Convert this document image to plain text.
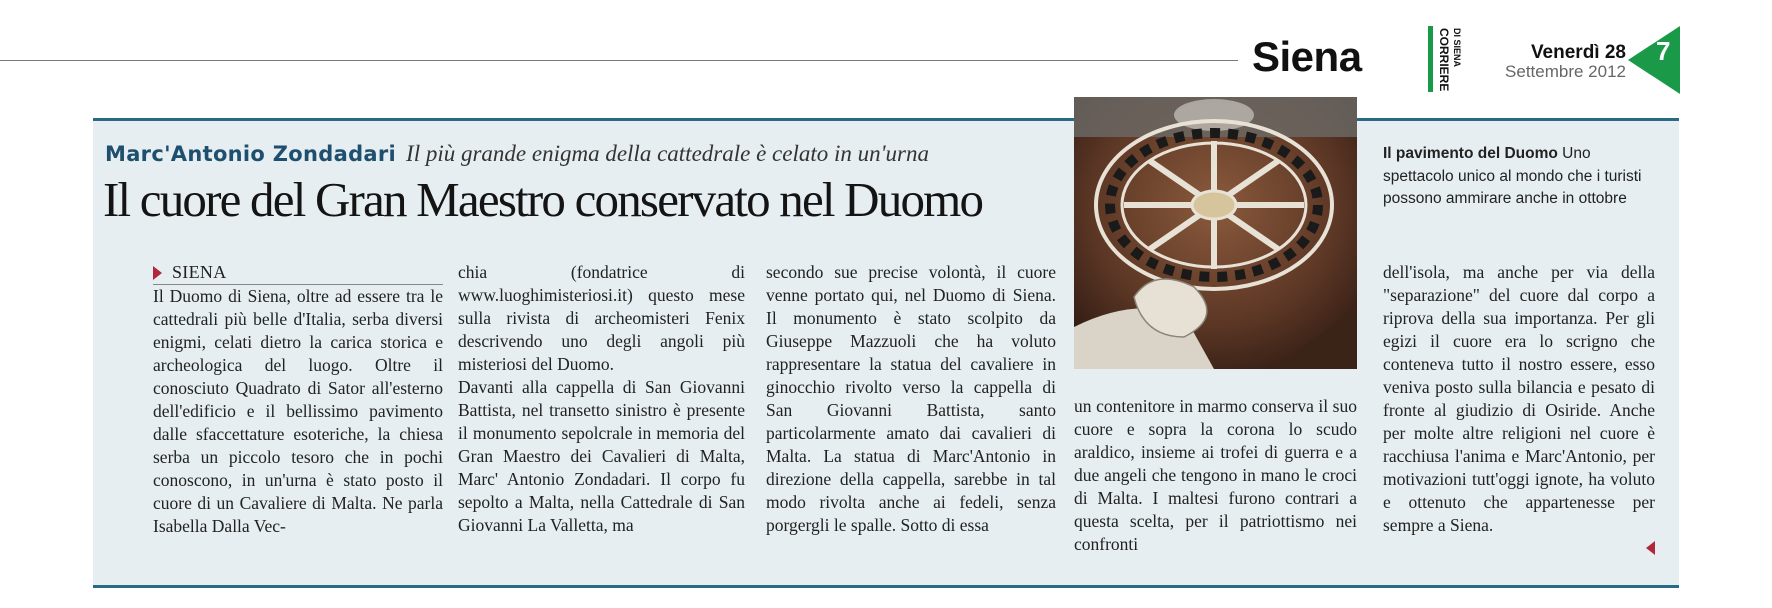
Siena	CORRIERE DI SIENA	Venerdì 28
Settembre 2012
7
Marc'Antonio Zondadari Il più grande enigma della cattedrale è celato in un'urna
Il cuore del Gran Maestro conservato nel Duomo
Il pavimento del Duomo Uno spettacolo unico al mondo che i turisti possono ammirare anche in ottobre
SIENA

Il Duomo di Siena, oltre ad essere tra le cattedrali più belle d'Italia, serba diversi enigmi, celati dietro la carica storica e archeologica del luogo. Oltre il conosciuto Quadrato di Sator all'esterno dell'edificio e il bellissimo pavimento dalle sfaccettature esoteriche, la chiesa serba un piccolo tesoro che in pochi conoscono, in un'urna è stato posto il cuore di un Cavaliere di Malta. Ne parla Isabella Dalla Vec-

chia (fondatrice di www.luoghimisteriosi.it) questo mese sulla rivista di archeomisteri Fenix descrivendo uno degli angoli più misteriosi del Duomo.

Davanti alla cappella di San Giovanni Battista, nel transetto sinistro è presente il monumento sepolcrale in memoria del Gran Maestro dei Cavalieri di Malta, Marc' Antonio Zondadari. Il corpo fu sepolto a Malta, nella Cattedrale di San Giovanni La Valletta, ma

secondo sue precise volontà, il cuore venne portato qui, nel Duomo di Siena. Il monumento è stato scolpito da Giuseppe Mazzuoli che ha voluto rappresentare la statua del cavaliere in ginocchio rivolto verso la cappella di San Giovanni Battista, santo particolarmente amato dai cavalieri di Malta. La statua di Marc'Antonio in direzione della cappella, sarebbe in tal modo rivolta anche ai fedeli, senza porgergli le spalle. Sotto di essa

un contenitore in marmo conserva il suo cuore e sopra la corona lo scudo araldico, insieme ai trofei di guerra e a due angeli che tengono in mano le croci di Malta. I maltesi furono contrari a questa scelta, per il patriottismo nei confronti

dell'isola, ma anche per via della "separazione" del cuore dal corpo a riprova della sua importanza. Per gli egizi il cuore era lo scrigno che conteneva tutto il nostro essere, esso veniva posto sulla bilancia e pesato di fronte al giudizio di Osiride. Anche per molte altre religioni nel cuore è racchiusa l'anima e Marc'Antonio, per motivazioni tutt'oggi ignote, ha voluto e ottenuto che appartenesse per sempre a Siena.
